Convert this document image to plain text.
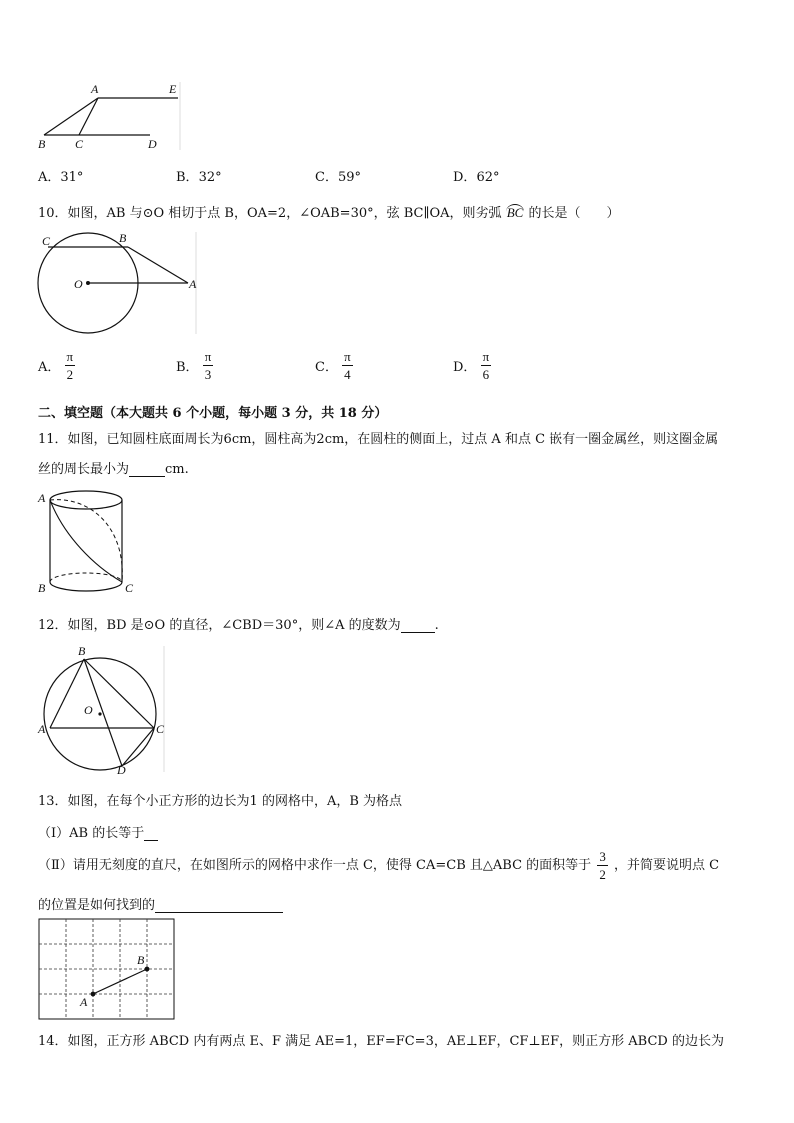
A	E
B C	D
A．31°	B．32°	C．59°	D．62°
10．如图，AB 与⊙O 相切于点 B，OA=2，∠OAB=30°，弦 BC∥OA，则劣弧 BC 的长是（　　）
C	B
O	A
A． $\frac{\pi}{2}$	B． $\frac{\pi}{3}$	C． $\frac{\pi}{4}$	D． $\frac{\pi}{6}$
二、填空题（本大题共 6 个小题，每小题 3 分，共 18 分）
11．如图，已知圆柱底面周长为6cm，圆柱高为2cm，在圆柱的侧面上，过点 A 和点 C 嵌有一圈金属丝，则这圈金属
丝的周长最小为	cm.
A
B	C
12．如图，BD 是⊙O 的直径，∠CBD＝30°，则∠A 的度数为	.
B
O
A	C
D
13．如图，在每个小正方形的边长为1 的网格中，A，B 为格点
（Ⅰ）AB 的长等于
（Ⅱ）请用无刻度的直尺，在如图所示的网格中求作一点 C，使得 CA=CB 且△ABC 的面积等于 $\frac{3}{2}$ ，并简要说明点 C
的位置是如何找到的
A
B
14．如图，正方形 ABCD 内有两点 E、F 满足 AE=1，EF=FC=3，AE⊥EF，CF⊥EF，则正方形 ABCD 的边长为
